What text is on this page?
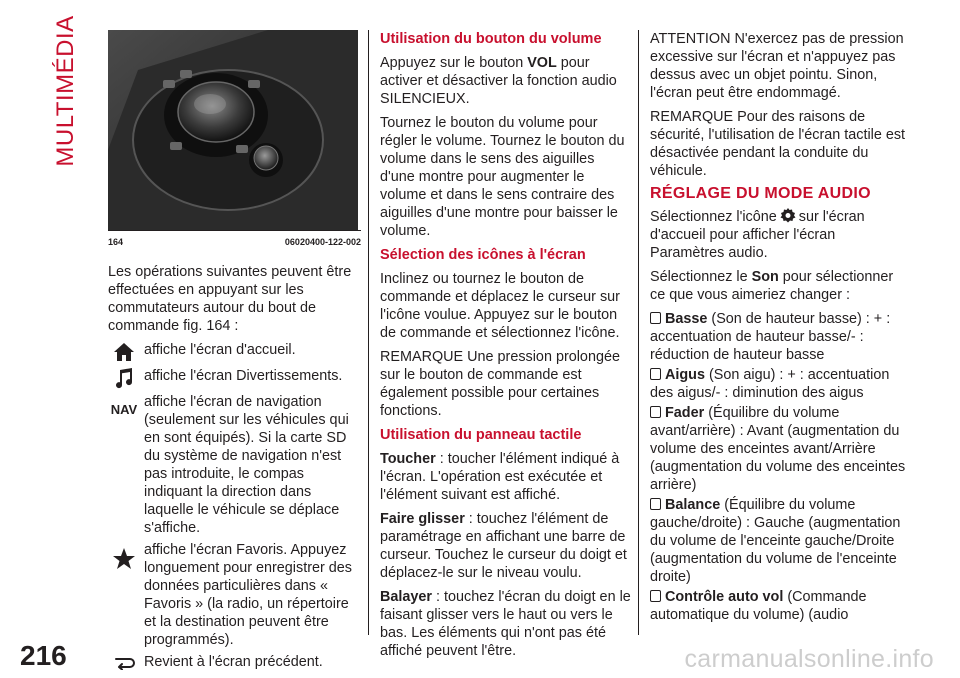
MULTIMÉDIA
164	06020400-122-002

Les opérations suivantes peuvent être effectuées en appuyant sur les commutateurs autour du bout de commande fig. 164 :

affiche l'écran d'accueil.
affiche l'écran Divertissements.
NAV affiche l'écran de navigation (seulement sur les véhicules qui en sont équipés). Si la carte SD du système de navigation n'est pas introduite, le compas indiquant la direction dans laquelle le véhicule se déplace s'affiche.
affiche l'écran Favoris. Appuyez longuement pour enregistrer des données particulières dans « Favoris » (la radio, un répertoire et la destination peuvent être programmés).
Revient à l'écran précédent.

Utilisation du bouton du volume

Appuyez sur le bouton VOL pour activer et désactiver la fonction audio SILENCIEUX.

Tournez le bouton du volume pour régler le volume. Tournez le bouton du volume dans le sens des aiguilles d'une montre pour augmenter le volume et dans le sens contraire des aiguilles d'une montre pour baisser le volume.

Sélection des icônes à l'écran

Inclinez ou tournez le bouton de commande et déplacez le curseur sur l'icône voulue. Appuyez sur le bouton de commande et sélectionnez l'icône.

REMARQUE Une pression prolongée sur le bouton de commande est également possible pour certaines fonctions.

Utilisation du panneau tactile

Toucher : toucher l'élément indiqué à l'écran. L'opération est exécutée et l'élément suivant est affiché.

Faire glisser : touchez l'élément de paramétrage en affichant une barre de curseur. Touchez le curseur du doigt et déplacez-le sur le niveau voulu.

Balayer : touchez l'écran du doigt en le faisant glisser vers le haut ou vers le bas. Les éléments qui n'ont pas été affiché peuvent l'être.

ATTENTION N'exercez pas de pression excessive sur l'écran et n'appuyez pas dessus avec un objet pointu. Sinon, l'écran peut être endommagé.

REMARQUE Pour des raisons de sécurité, l'utilisation de l'écran tactile est désactivée pendant la conduite du véhicule.

RÉGLAGE DU MODE AUDIO

Sélectionnez l'icône sur l'écran d'accueil pour afficher l'écran Paramètres audio.

Sélectionnez le Son pour sélectionner ce que vous aimeriez changer :

Basse (Son de hauteur basse) : + : accentuation de hauteur basse/- : réduction de hauteur basse
Aigus (Son aigu) : + : accentuation des aigus/- : diminution des aigus
Fader (Équilibre du volume avant/arrière) : Avant (augmentation du volume des enceintes avant/Arrière (augmentation du volume des enceintes arrière)
Balance (Équilibre du volume gauche/droite) : Gauche (augmentation du volume de l'enceinte gauche/Droite (augmentation du volume de l'enceinte droite)
Contrôle auto vol (Commande automatique du volume) (audio
216	carmanualsonline.info
